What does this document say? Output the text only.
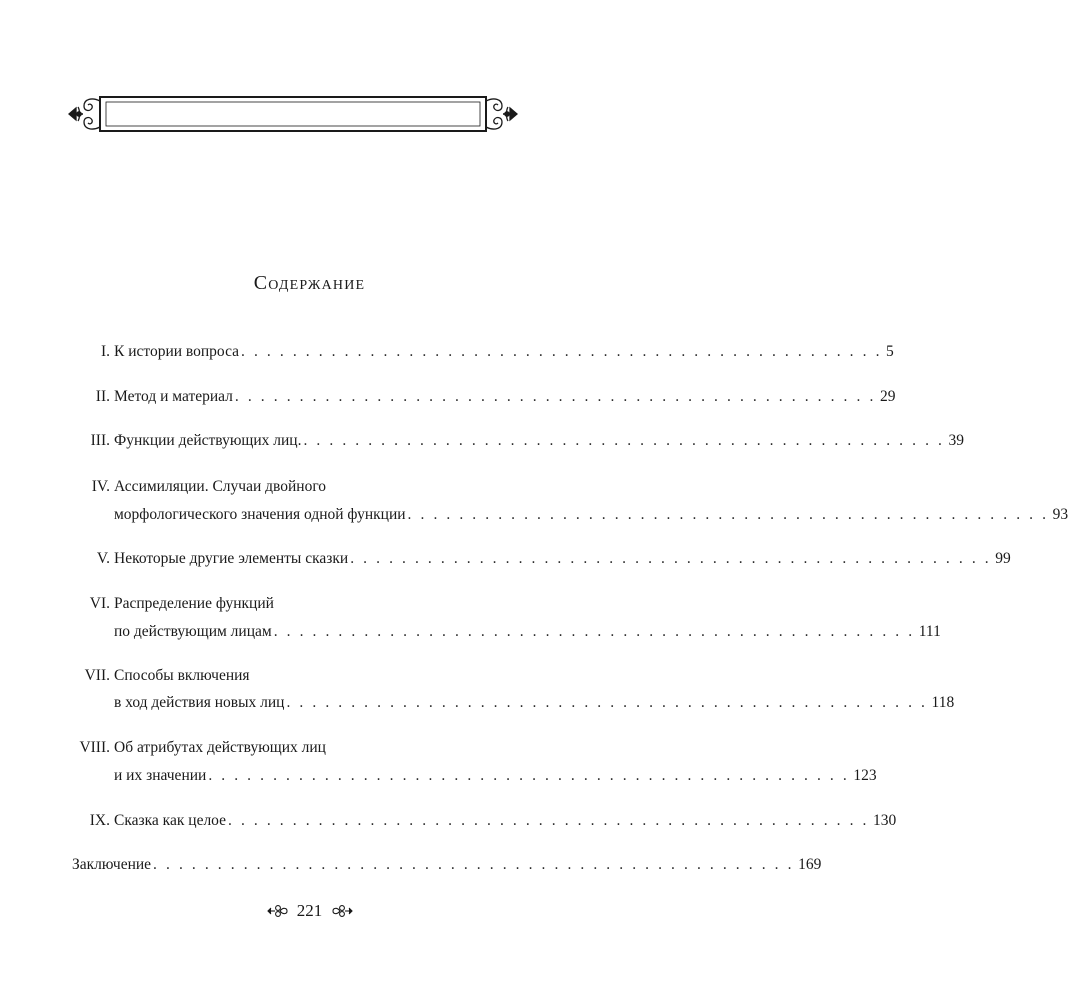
Содержание
I. К истории вопроса . . . . . . . . . . . . . . . . . . . . . . . . . . . . . . . . . . . . . . . . . . . . . . . . . . 5
II. Метод и материал . . . . . . . . . . . . . . . . . . . . . . . . . . . . . . . . . . . . . . . . . . . . . . . . . . 29
III. Функции действующих лиц. . . . . . . . . . . . . . . . . . . . . . . . . . . . . . . . . . . . . . . . . . . . . . . . . . . 39
IV. Ассимиляции. Случаи двойного
морфологического значения одной функции . . . . . . . . . . . . . . . . . . . . . . . . . . . . . . . . . . . . . . . . . . . . . . . . . . 93
V. Некоторые другие элементы сказки . . . . . . . . . . . . . . . . . . . . . . . . . . . . . . . . . . . . . . . . . . . . . . . . . . 99
VI. Распределение функций
по действующим лицам . . . . . . . . . . . . . . . . . . . . . . . . . . . . . . . . . . . . . . . . . . . . . . . . . . 111
VII. Способы включения
в ход действия новых лиц . . . . . . . . . . . . . . . . . . . . . . . . . . . . . . . . . . . . . . . . . . . . . . . . . . 118
VIII. Об атрибутах действующих лиц
и их значении . . . . . . . . . . . . . . . . . . . . . . . . . . . . . . . . . . . . . . . . . . . . . . . . . . 123
IX. Сказка как целое . . . . . . . . . . . . . . . . . . . . . . . . . . . . . . . . . . . . . . . . . . . . . . . . . . 130
Заключение . . . . . . . . . . . . . . . . . . . . . . . . . . . . . . . . . . . . . . . . . . . . . . . . . . 169
221
